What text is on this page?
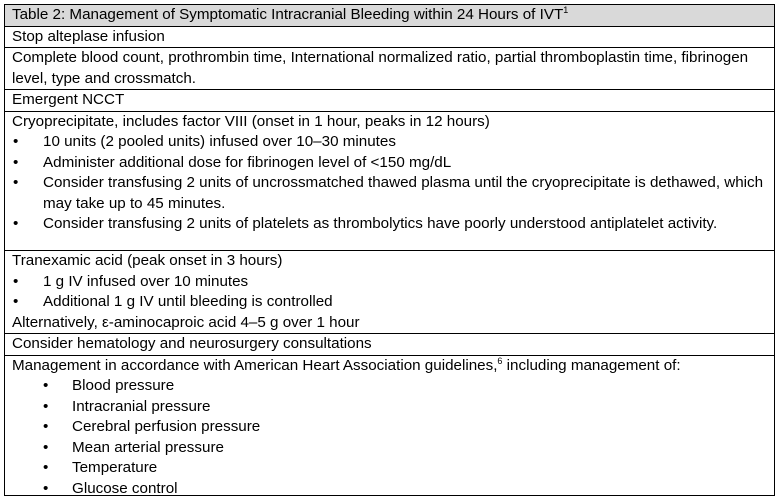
Table 2: Management of Symptomatic Intracranial Bleeding within 24 Hours of IVT$^1$
Stop alteplase infusion
Complete blood count, prothrombin time, International normalized ratio, partial thromboplastin time, fibrinogen level, type and crossmatch.
Emergent NCCT
Cryoprecipitate, includes factor VIII (onset in 1 hour, peaks in 12 hours)
• 10 units (2 pooled units) infused over 10–30 minutes
• Administer additional dose for fibrinogen level of <150 mg/dL
• Consider transfusing 2 units of uncrossmatched thawed plasma until the cryoprecipitate is dethawed, which may take up to 45 minutes.
• Consider transfusing 2 units of platelets as thrombolytics have poorly understood antiplatelet activity.
Tranexamic acid (peak onset in 3 hours)
• 1 g IV infused over 10 minutes
• Additional 1 g IV until bleeding is controlled
Alternatively, ε-aminocaproic acid 4–5 g over 1 hour
Consider hematology and neurosurgery consultations
Management in accordance with American Heart Association guidelines,$^6$ including management of:
• Blood pressure
• Intracranial pressure
• Cerebral perfusion pressure
• Mean arterial pressure
• Temperature
• Glucose control
